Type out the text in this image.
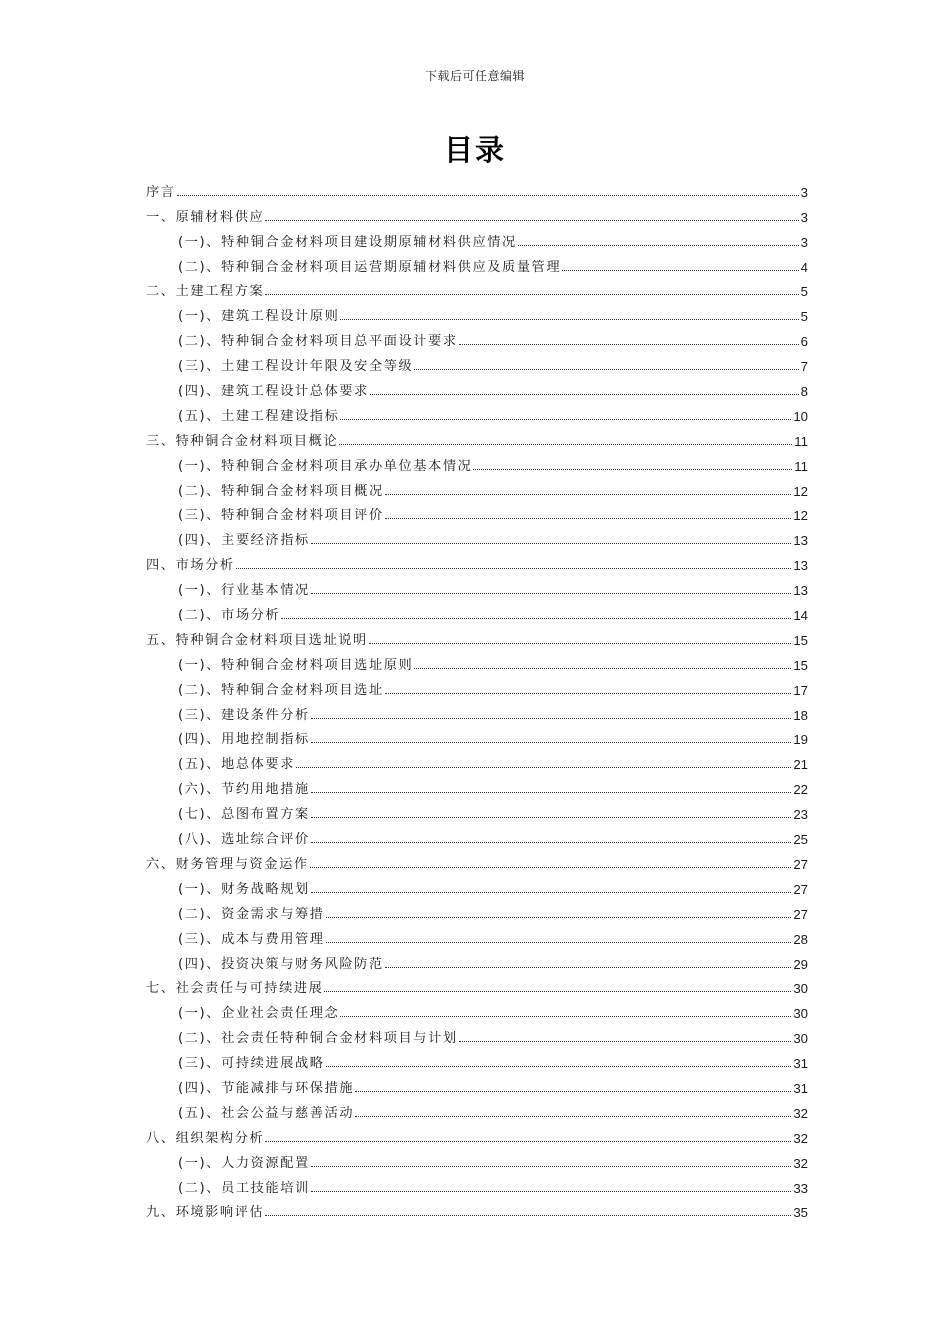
下载后可任意编辑
目录
序言	3
一、原辅材料供应	3
(一)、特种铜合金材料项目建设期原辅材料供应情况	3
(二)、特种铜合金材料项目运营期原辅材料供应及质量管理	4
二、土建工程方案	5
(一)、建筑工程设计原则	5
(二)、特种铜合金材料项目总平面设计要求	6
(三)、土建工程设计年限及安全等级	7
(四)、建筑工程设计总体要求	8
(五)、土建工程建设指标	10
三、特种铜合金材料项目概论	11
(一)、特种铜合金材料项目承办单位基本情况	11
(二)、特种铜合金材料项目概况	12
(三)、特种铜合金材料项目评价	12
(四)、主要经济指标	13
四、市场分析	13
(一)、行业基本情况	13
(二)、市场分析	14
五、特种铜合金材料项目选址说明	15
(一)、特种铜合金材料项目选址原则	15
(二)、特种铜合金材料项目选址	17
(三)、建设条件分析	18
(四)、用地控制指标	19
(五)、地总体要求	21
(六)、节约用地措施	22
(七)、总图布置方案	23
(八)、选址综合评价	25
六、财务管理与资金运作	27
(一)、财务战略规划	27
(二)、资金需求与筹措	27
(三)、成本与费用管理	28
(四)、投资决策与财务风险防范	29
七、社会责任与可持续进展	30
(一)、企业社会责任理念	30
(二)、社会责任特种铜合金材料项目与计划	30
(三)、可持续进展战略	31
(四)、节能减排与环保措施	31
(五)、社会公益与慈善活动	32
八、组织架构分析	32
(一)、人力资源配置	32
(二)、员工技能培训	33
九、环境影响评估	35
